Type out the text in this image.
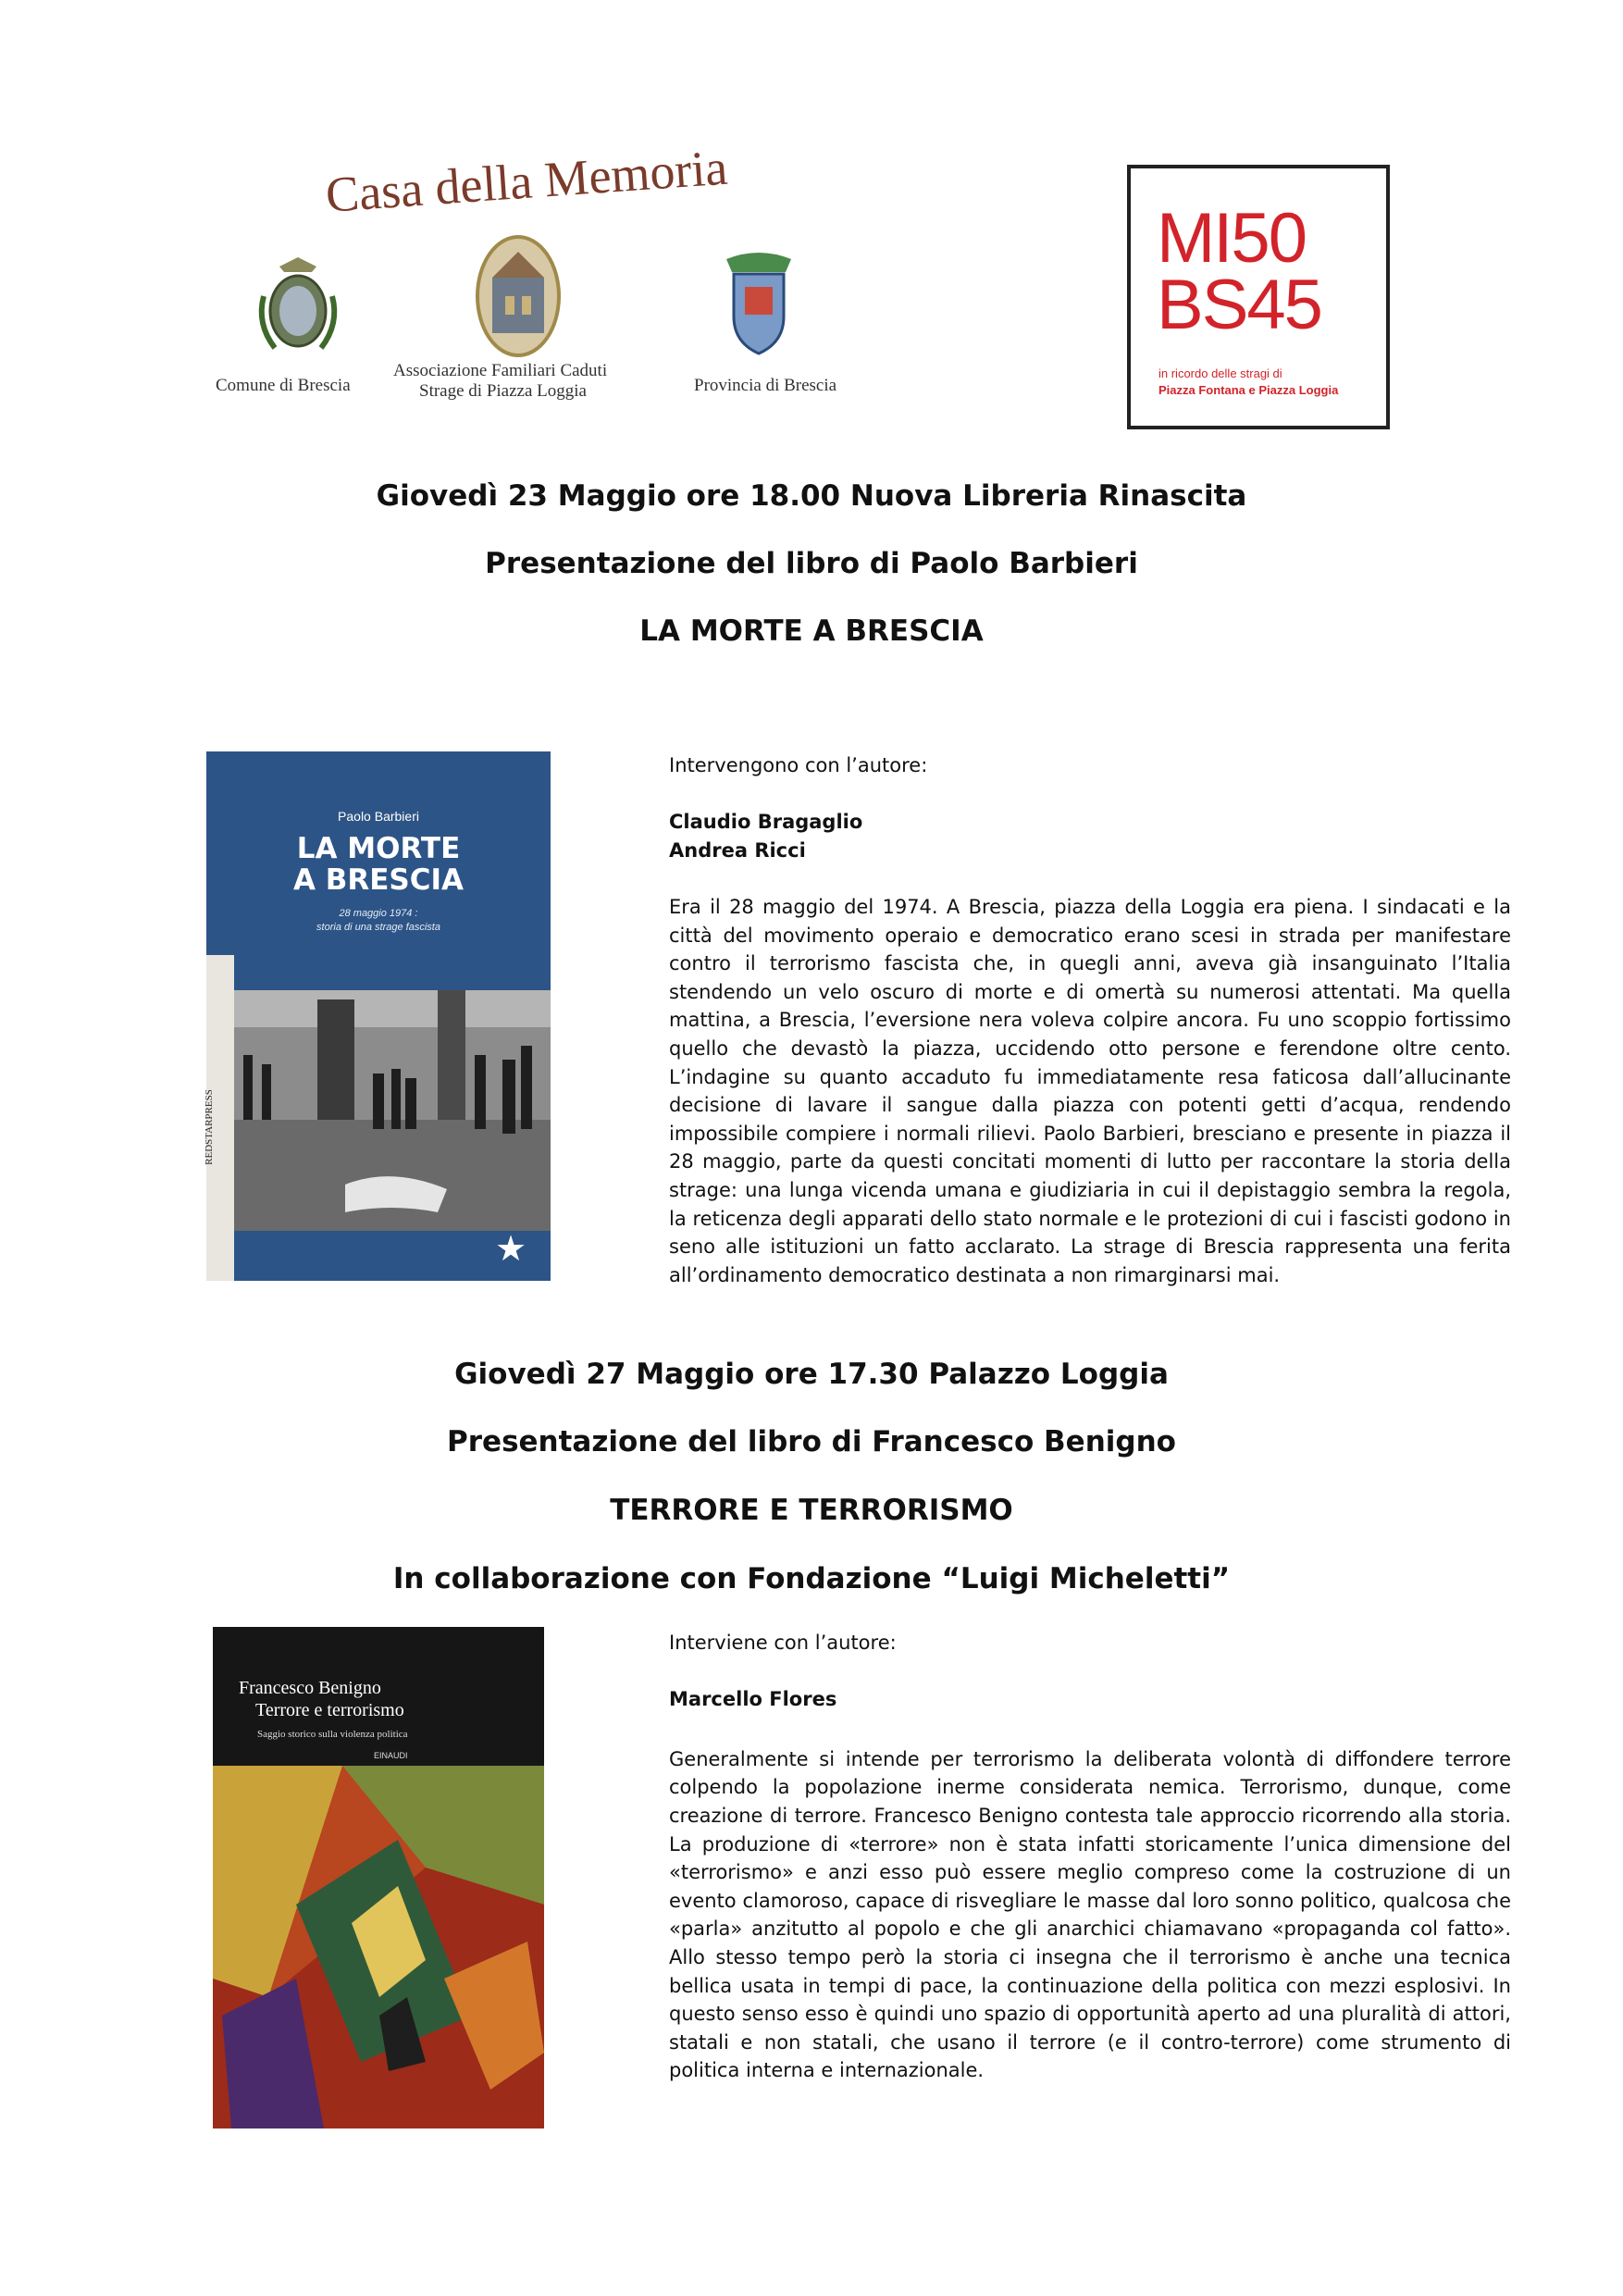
Casa della Memoria
Comune di Brescia
Associazione Familiari Caduti
Strage di Piazza Loggia	Provincia di Brescia
MI50
BS45
in ricordo delle stragi di
Piazza Fontana e Piazza Loggia
Giovedì 23 Maggio ore 18.00 Nuova Libreria Rinascita
Presentazione del libro di Paolo Barbieri
LA MORTE A BRESCIA
Paolo Barbieri
LA MORTE
A BRESCIA
28 maggio 1974 :
storia di una strage fascista
REDSTARPRESS
★

Intervengono con l’autore:

Claudio Bragaglio

Andrea Ricci

Era il 28 maggio del 1974. A Brescia, piazza della Loggia era piena. I sindacati e la città del movimento operaio e democratico erano scesi in strada per manifestare contro il terrorismo fascista che, in quegli anni, aveva già insanguinato l’Italia stendendo un velo oscuro di morte e di omertà su numerosi attentati. Ma quella mattina, a Brescia, l’eversione nera voleva colpire ancora. Fu uno scoppio fortissimo quello che devastò la piazza, uccidendo otto persone e ferendone oltre cento. L’indagine su quanto accaduto fu immediatamente resa faticosa dall’allucinante decisione di lavare il sangue dalla piazza con potenti getti d’acqua, rendendo impossibile compiere i normali rilievi. Paolo Barbieri, bresciano e presente in piazza il 28 maggio, parte da questi concitati momenti di lutto per raccontare la storia della strage: una lunga vicenda umana e giudiziaria in cui il depistaggio sembra la regola, la reticenza degli apparati dello stato normale e le protezioni di cui i fascisti godono in seno alle istituzioni un fatto acclarato. La strage di Brescia rappresenta una ferita all’ordinamento democratico destinata a non rimarginarsi mai.

Giovedì 27 Maggio ore 17.30 Palazzo Loggia
Presentazione del libro di Francesco Benigno
TERRORE E TERRORISMO
In collaborazione con Fondazione “Luigi Micheletti”
Francesco Benigno
Terrore e terrorismo
Saggio storico sulla violenza politica
EINAUDI

Interviene con l’autore:

Marcello Flores

Generalmente si intende per terrorismo la deliberata volontà di diffondere terrore colpendo la popolazione inerme considerata nemica. Terrorismo, dunque, come creazione di terrore. Francesco Benigno contesta tale approccio ricorrendo alla storia. La produzione di «terrore» non è stata infatti storicamente l’unica dimensione del «terrorismo» e anzi esso può essere meglio compreso come la costruzione di un evento clamoroso, capace di risvegliare le masse dal loro sonno politico, qualcosa che «parla» anzitutto al popolo e che gli anarchici chiamavano «propaganda col fatto». Allo stesso tempo però la storia ci insegna che il terrorismo è anche una tecnica bellica usata in tempi di pace, la continuazione della politica con mezzi esplosivi. In questo senso esso è quindi uno spazio di opportunità aperto ad una pluralità di attori, statali e non statali, che usano il terrore (e il contro-terrore) come strumento di politica interna e internazionale.
